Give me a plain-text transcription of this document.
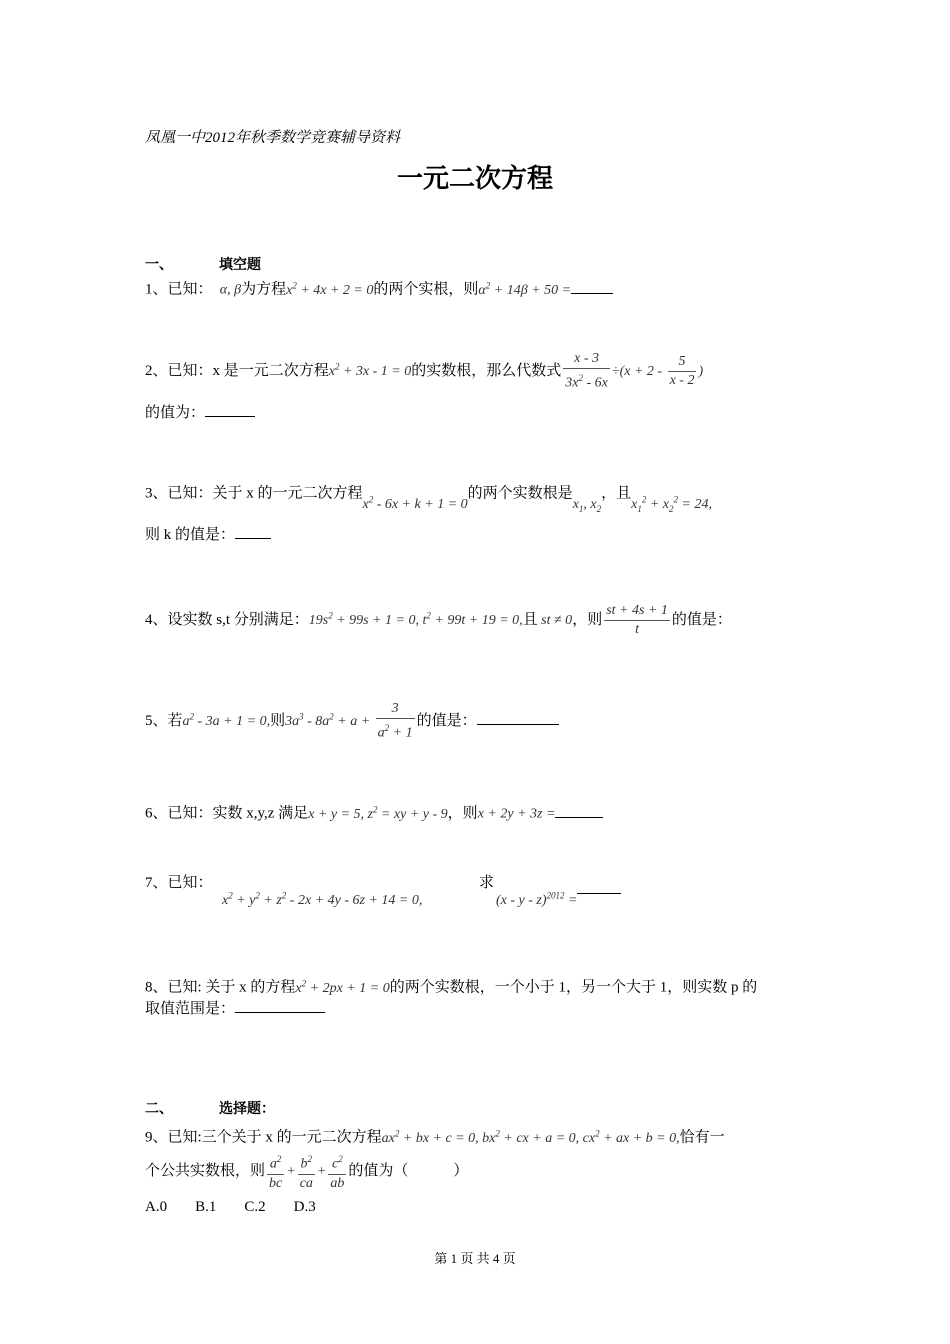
凤凰一中2012年秋季数学竞赛辅导资料
一元二次方程
一、	填空题
1、已知：  α, β为方程$x^2 + 4x + 2 = 0$的两个实根，则$\alpha^2 + 14\beta + 50$ =
2、已知：x 是一元二次方程$x^2 + 3x - 1 = 0$的实数根，那么代数式 $\frac{x - 3}{3x^2 - 6x} \div(x + 2 - \frac{5}{x - 2}$ )
的值为：
3、已知：关于 x 的一元二次方程$x^2 - 6x + k + 1 = 0$的两个实数根是$x_1$, $x_2$，且$x_1^2 + x_2^2 = 24$,
则 k 的值是：
4、设实数 s,t 分别满足：$19s^2 + 99s + 1 = 0$, $t^2 + 99t + 19 = 0$,且 st ≠ 0，则 $\frac{st + 4s + 1}{t}$ 的值是：
5、若$a^2 - 3a + 1 = 0$,则$3a^3 - 8a^2 + a + \frac{3}{a^2 + 1}$ 的值是：
6、已知：实数 x,y,z 满足x + y = 5, $z^2$ = xy + y - 9，则x + 2y + 3z =
7、已知：
$x^2 + y^2 + z^2 - 2x + 4y - 6z + 14 = 0$,
求
(x - y - z)$^{2012}$ =
8、已知: 关于 x 的方程$x^2 + 2px + 1 = 0$的两个实数根，一个小于 1，另一个大于 1，则实数 p 的
取值范围是：
二、	选择题：
9、已知:三个关于 x 的一元二次方程$ax^2$ + bx + c = 0, $bx^2$ + cx + a = 0, $cx^2$ + ax + b = 0,恰有一
个公共实数根，则 $\frac{a^2}{bc} + \frac{b^2}{ca} + \frac{c^2}{ab}$ 的值为（　　　）
A.0 B.1 C.2 D.3
第 1 页 共 4 页
